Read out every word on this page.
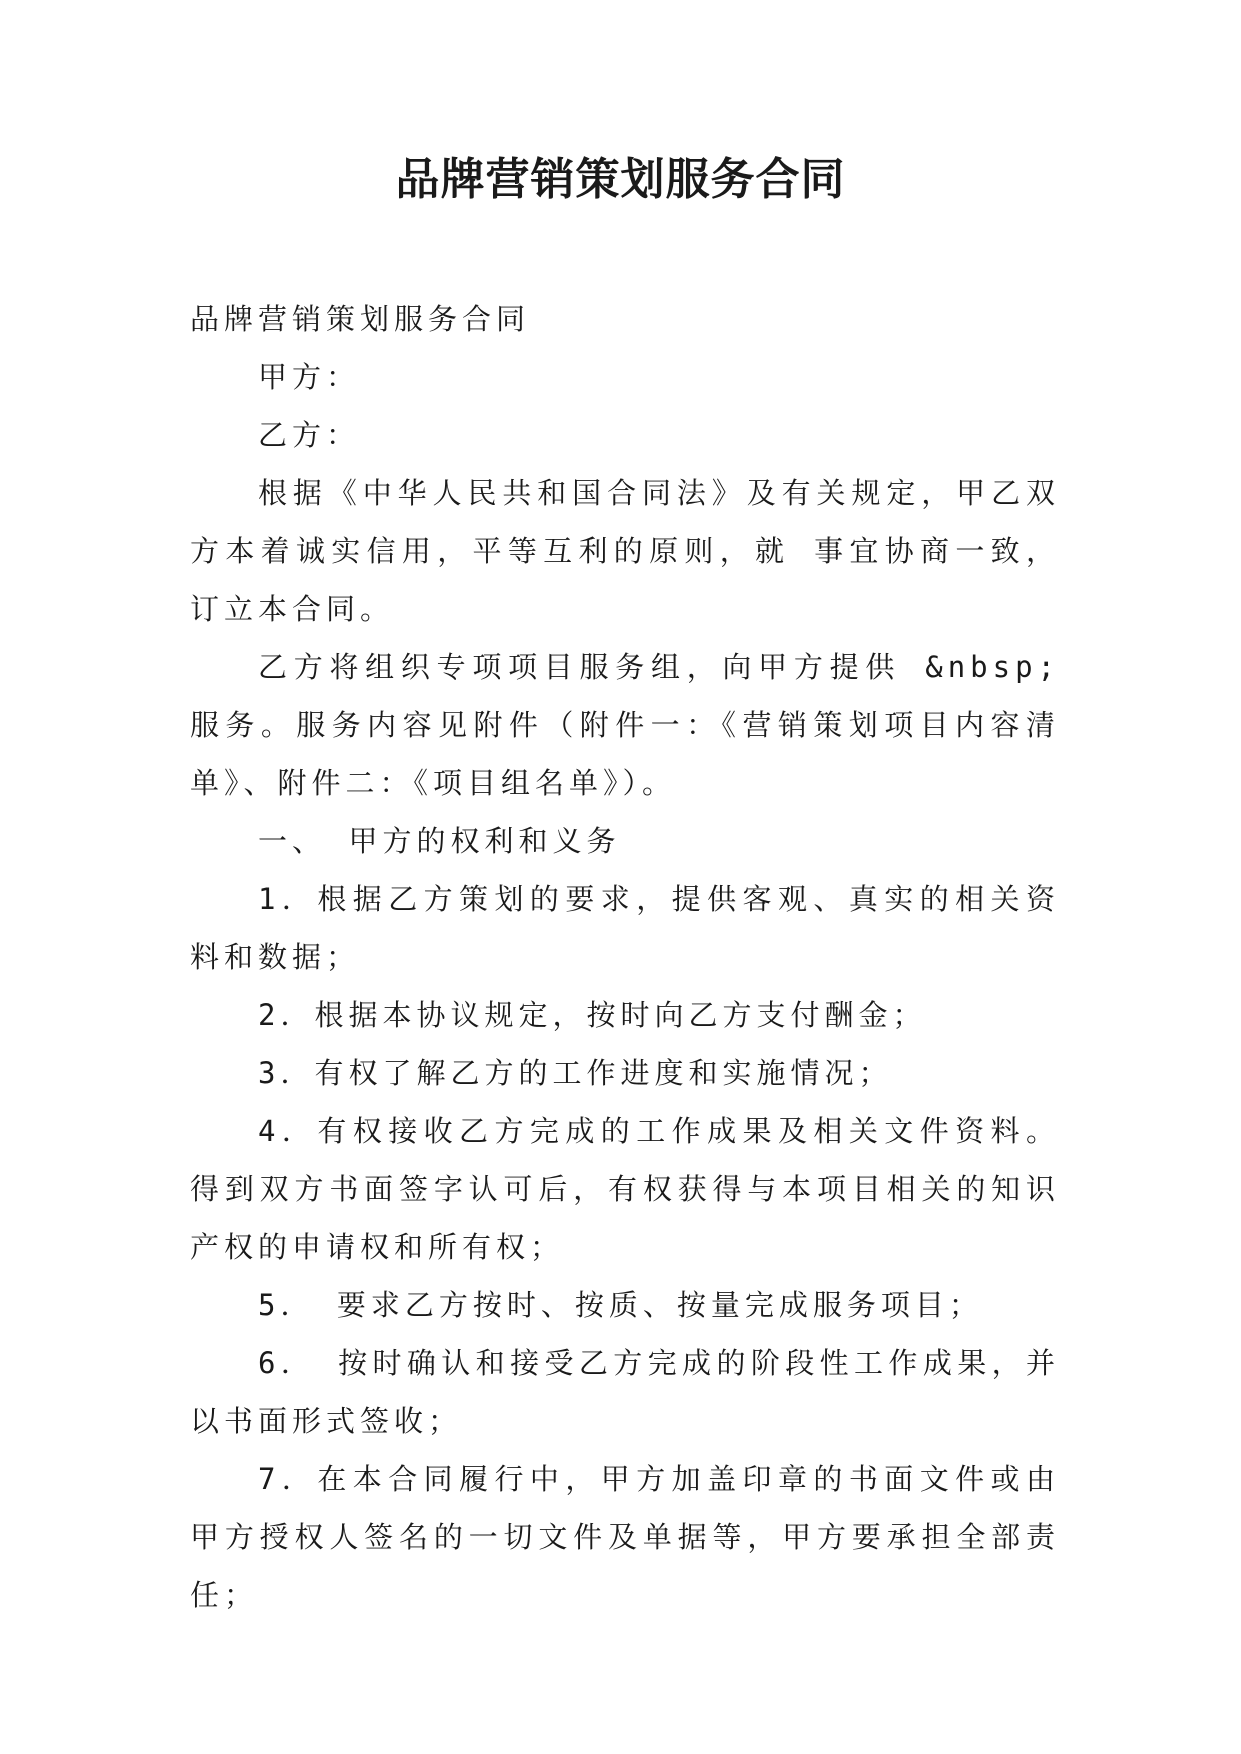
品牌营销策划服务合同

品牌营销策划服务合同

甲方：

乙方：

根据《中华人民共和国合同法》及有关规定，甲乙双方本着诚实信用，平等互利的原则，就 事宜协商一致，订立本合同。

乙方将组织专项项目服务组，向甲方提供 &nbsp;服务。服务内容见附件（附件一：《营销策划项目内容清单》、附件二：《项目组名单》）。

一、 甲方的权利和义务

1．根据乙方策划的要求，提供客观、真实的相关资料和数据；

2．根据本协议规定，按时向乙方支付酬金；

3．有权了解乙方的工作进度和实施情况；

4．有权接收乙方完成的工作成果及相关文件资料。得到双方书面签字认可后，有权获得与本项目相关的知识产权的申请权和所有权；

5． 要求乙方按时、按质、按量完成服务项目；

6． 按时确认和接受乙方完成的阶段性工作成果，并以书面形式签收；

7．在本合同履行中，甲方加盖印章的书面文件或由甲方授权人签名的一切文件及单据等，甲方要承担全部责任；
